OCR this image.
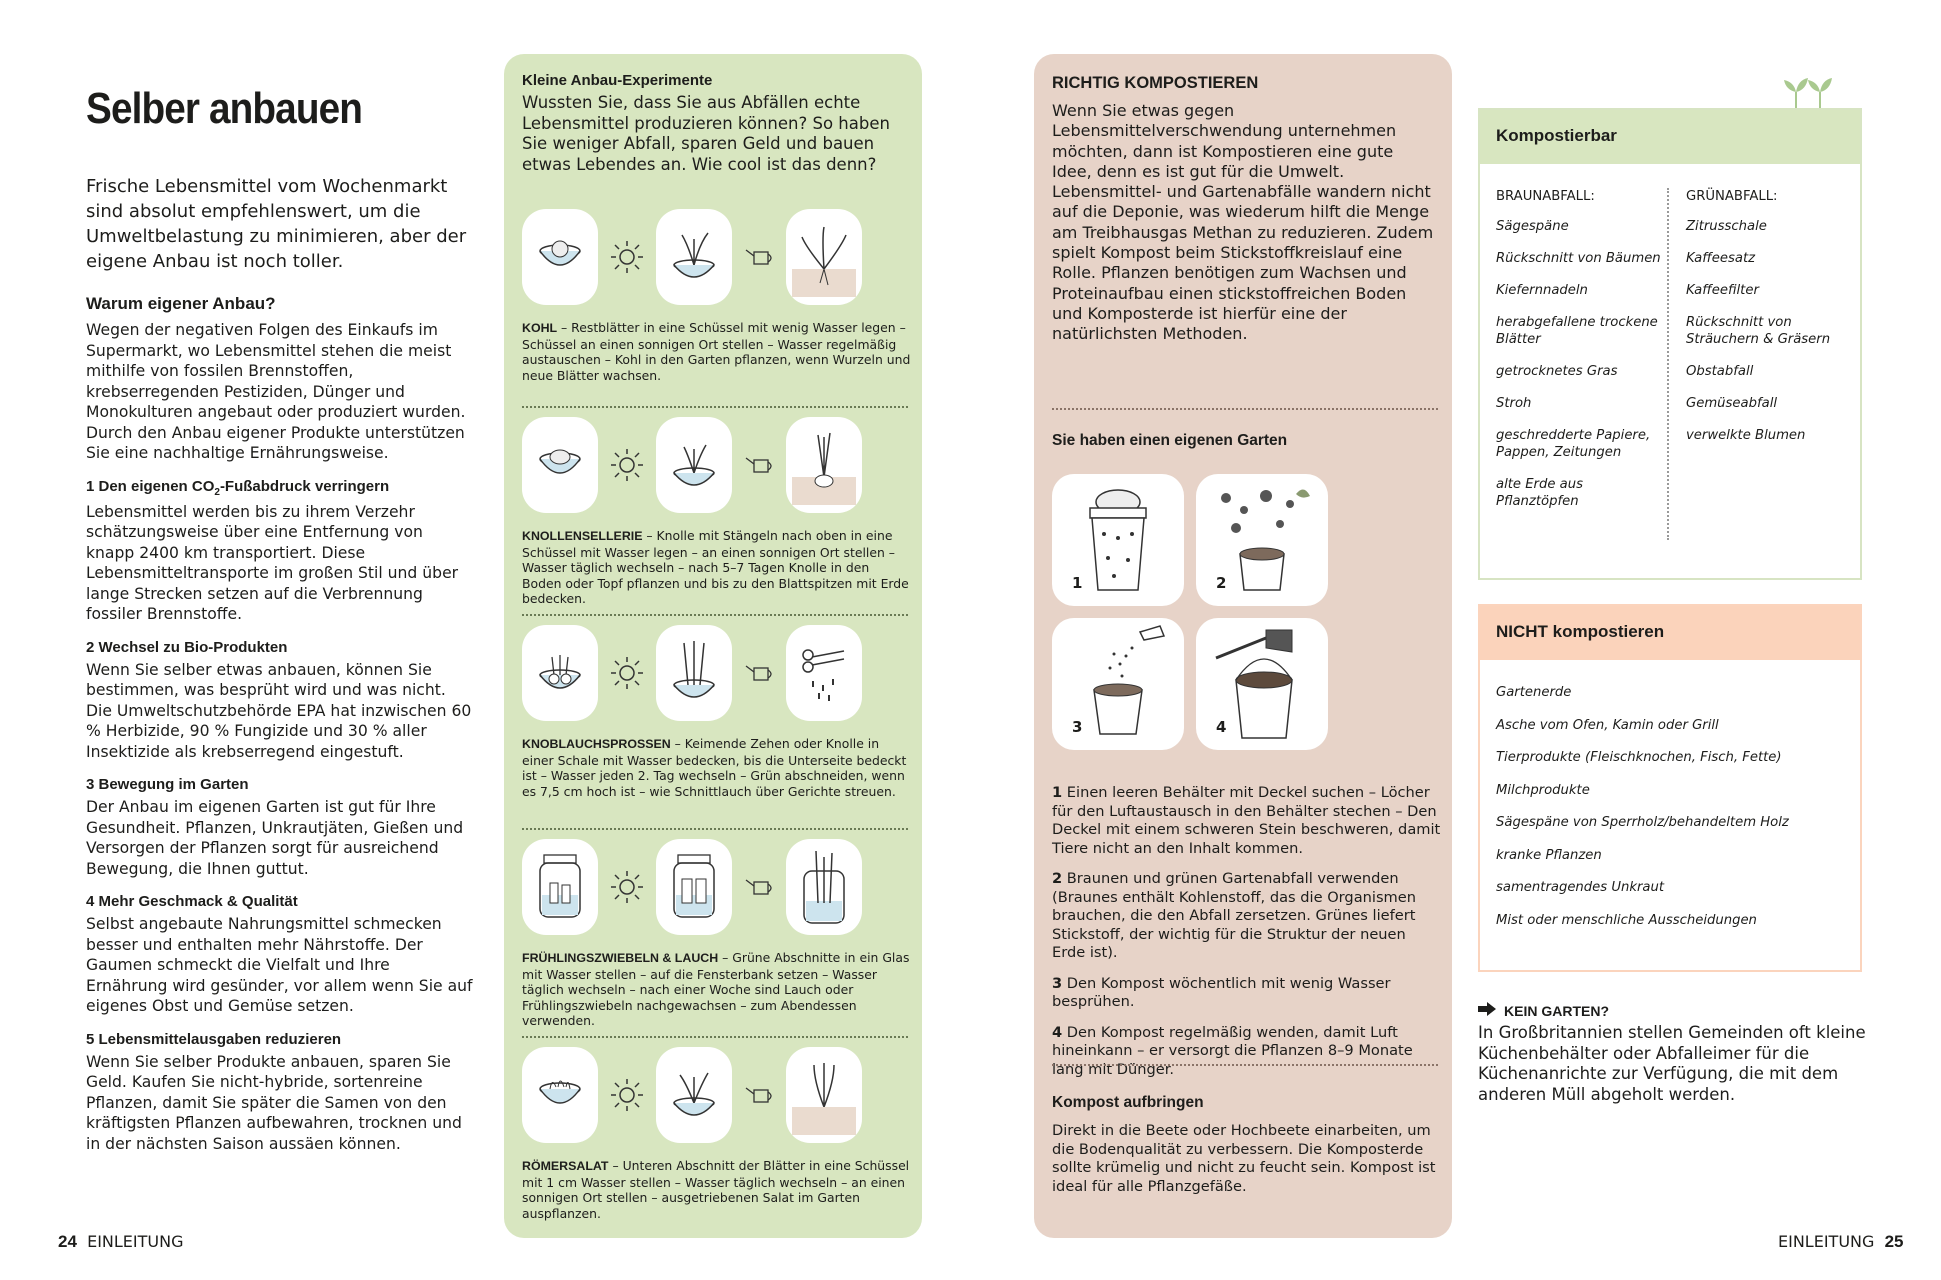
Selber anbauen

Frische Lebensmittel vom Wochenmarkt sind absolut empfehlenswert, um die Umweltbelastung zu minimieren, aber der eigene Anbau ist noch toller.

Warum eigener Anbau?

Wegen der negativen Folgen des Einkaufs im Supermarkt, wo Lebensmittel stehen die meist mithilfe von fossilen Brennstoffen, krebserregenden Pestiziden, Dünger und Monokulturen angebaut oder produziert wurden. Durch den Anbau eigener Produkte unterstützen Sie eine nachhaltige Ernährungsweise.

1 Den eigenen $CO_2$-Fußabdruck verringern

Lebensmittel werden bis zu ihrem Verzehr schätzungsweise über eine Entfernung von knapp 2400 km transportiert. Diese Lebensmitteltransporte im großen Stil und über lange Strecken setzen auf die Verbrennung fossiler Brennstoffe.

2 Wechsel zu Bio-Produkten

Wenn Sie selber etwas anbauen, können Sie bestimmen, was besprüht wird und was nicht. Die Umweltschutzbehörde EPA hat inzwischen 60 % Herbizide, 90 % Fungizide und 30 % aller Insektizide als krebserregend eingestuft.

3 Bewegung im Garten

Der Anbau im eigenen Garten ist gut für Ihre Gesundheit. Pflanzen, Unkrautjäten, Gießen und Versorgen der Pflanzen sorgt für ausreichend Bewegung, die Ihnen guttut.

4 Mehr Geschmack & Qualität

Selbst angebaute Nahrungsmittel schmecken besser und enthalten mehr Nährstoffe. Der Gaumen schmeckt die Vielfalt und Ihre Ernährung wird gesünder, vor allem wenn Sie auf eigenes Obst und Gemüse setzen.

5 Lebensmittelausgaben reduzieren

Wenn Sie selber Produkte anbauen, sparen Sie Geld. Kaufen Sie nicht-hybride, sortenreine Pflanzen, damit Sie später die Samen von den kräftigsten Pflanzen aufbewahren, trocknen und in der nächsten Saison aussäen können.

Kleine Anbau-Experimente
Wussten Sie, dass Sie aus Abfällen echte Lebensmittel produzieren können? So haben Sie weniger Abfall, sparen Geld und bauen etwas Lebendes an. Wie cool ist das denn?
KOHL – Restblätter in eine Schüssel mit wenig Wasser legen – Schüssel an einen sonnigen Ort stellen – Wasser regelmäßig austauschen – Kohl in den Garten pflanzen, wenn Wurzeln und neue Blätter wachsen.
KNOLLENSELLERIE – Knolle mit Stängeln nach oben in eine Schüssel mit Wasser legen – an einen sonnigen Ort stellen – Wasser täglich wechseln – nach 5–7 Tagen Knolle in den Boden oder Topf pflanzen und bis zu den Blattspitzen mit Erde bedecken.
KNOBLAUCHSPROSSEN – Keimende Zehen oder Knolle in einer Schale mit Wasser bedecken, bis die Unterseite bedeckt ist – Wasser jeden 2. Tag wechseln – Grün abschneiden, wenn es 7,5 cm hoch ist – wie Schnittlauch über Gerichte streuen.
FRÜHLINGSZWIEBELN & LAUCH – Grüne Abschnitte in ein Glas mit Wasser stellen – auf die Fensterbank setzen – Wasser täglich wechseln – nach einer Woche sind Lauch oder Frühlingszwiebeln nachgewachsen – zum Abendessen verwenden.
RÖMERSALAT – Unteren Abschnitt der Blätter in eine Schüssel mit 1 cm Wasser stellen – Wasser täglich wechseln – an einen sonnigen Ort stellen – ausgetriebenen Salat im Garten auspflanzen.
RICHTIG KOMPOSTIEREN
Wenn Sie etwas gegen Lebensmittelverschwendung unternehmen möchten, dann ist Kompostieren eine gute Idee, denn es ist gut für die Umwelt. Lebensmittel- und Gartenabfälle wandern nicht auf die Deponie, was wiederum hilft die Menge am Treibhausgas Methan zu reduzieren. Zudem spielt Kompost beim Stickstoffkreislauf eine Rolle. Pflanzen benötigen zum Wachsen und Proteinaufbau einen stickstoffreichen Boden und Komposterde ist hierfür eine der natürlichsten Methoden.
Sie haben einen eigenen Garten
1	2
3	4

1 Einen leeren Behälter mit Deckel suchen – Löcher für den Luftaustausch in den Behälter stechen – Den Deckel mit einem schweren Stein beschweren, damit Tiere nicht an den Inhalt kommen.

2 Braunen und grünen Gartenabfall verwenden (Braunes enthält Kohlenstoff, das die Organismen brauchen, die den Abfall zersetzen. Grünes liefert Stickstoff, der wichtig für die Struktur der neuen Erde ist).

3 Den Kompost wöchentlich mit wenig Wasser besprühen.

4 Den Kompost regelmäßig wenden, damit Luft hineinkann – er versorgt die Pflanzen 8–9 Monate lang mit Dünger.

Kompost aufbringen

Direkt in die Beete oder Hochbeete einarbeiten, um die Bodenqualität zu verbessern. Die Komposterde sollte krümelig und nicht zu feucht sein. Kompost ist ideal für alle Pflanzgefäße.

Kompostierbar
BRAUNABFALL:
Sägespäne
Rückschnitt von Bäumen
Kiefernnadeln
herabgefallene trockene Blätter
getrocknetes Gras
Stroh
geschredderte Papiere, Pappen, Zeitungen
alte Erde aus Pflanztöpfen
GRÜNABFALL:
Zitrusschale
Kaffeesatz
Kaffeefilter
Rückschnitt von Sträuchern & Gräsern
Obstabfall
Gemüseabfall
verwelkte Blumen
NICHT kompostieren
Gartenerde
Asche vom Ofen, Kamin oder Grill
Tierprodukte (Fleischknochen, Fisch, Fette)
Milchprodukte
Sägespäne von Sperrholz/behandeltem Holz
kranke Pflanzen
samentragendes Unkraut
Mist oder menschliche Ausscheidungen
KEIN GARTEN?

In Großbritannien stellen Gemeinden oft kleine Küchenbehälter oder Abfalleimer für die Küchenanrichte zur Verfügung, die mit dem anderen Müll abgeholt werden.

24 EINLEITUNG	EINLEITUNG 25
